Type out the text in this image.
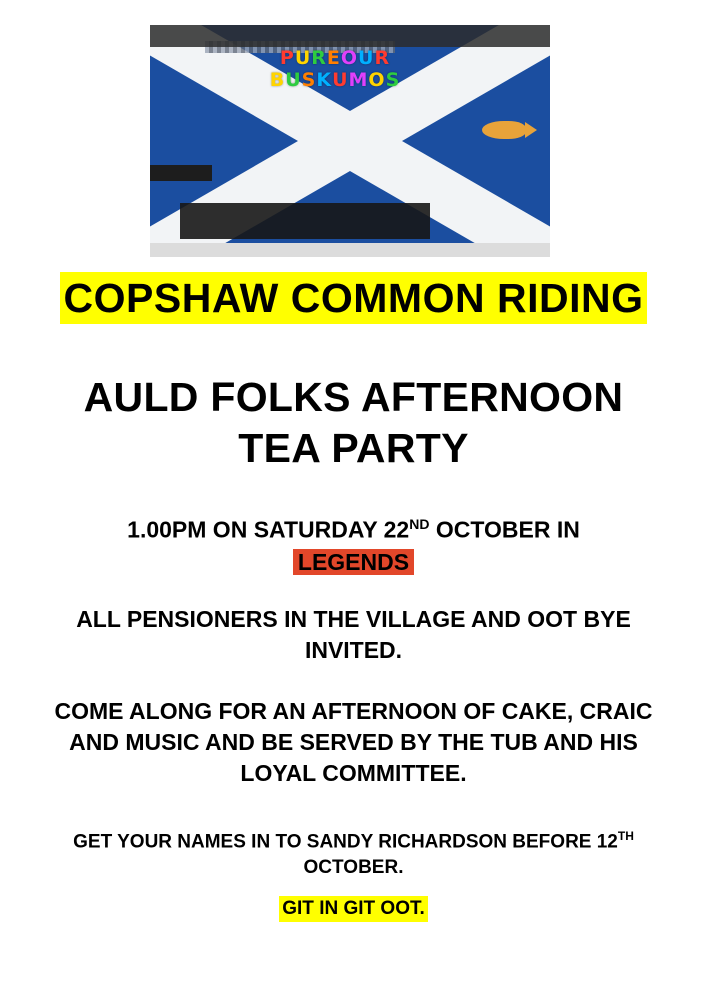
PUREOUR
BUSKUMOS
COPSHAW COMMON RIDING
AULD FOLKS AFTERNOON TEA PARTY
1.00PM ON SATURDAY 22ND OCTOBER IN
LEGENDS
ALL PENSIONERS IN THE VILLAGE AND OOT BYE INVITED.
COME ALONG FOR AN AFTERNOON OF CAKE, CRAIC AND MUSIC AND BE SERVED BY THE TUB AND HIS LOYAL COMMITTEE.
GET YOUR NAMES IN TO SANDY RICHARDSON BEFORE 12TH OCTOBER.
GIT IN GIT OOT.
